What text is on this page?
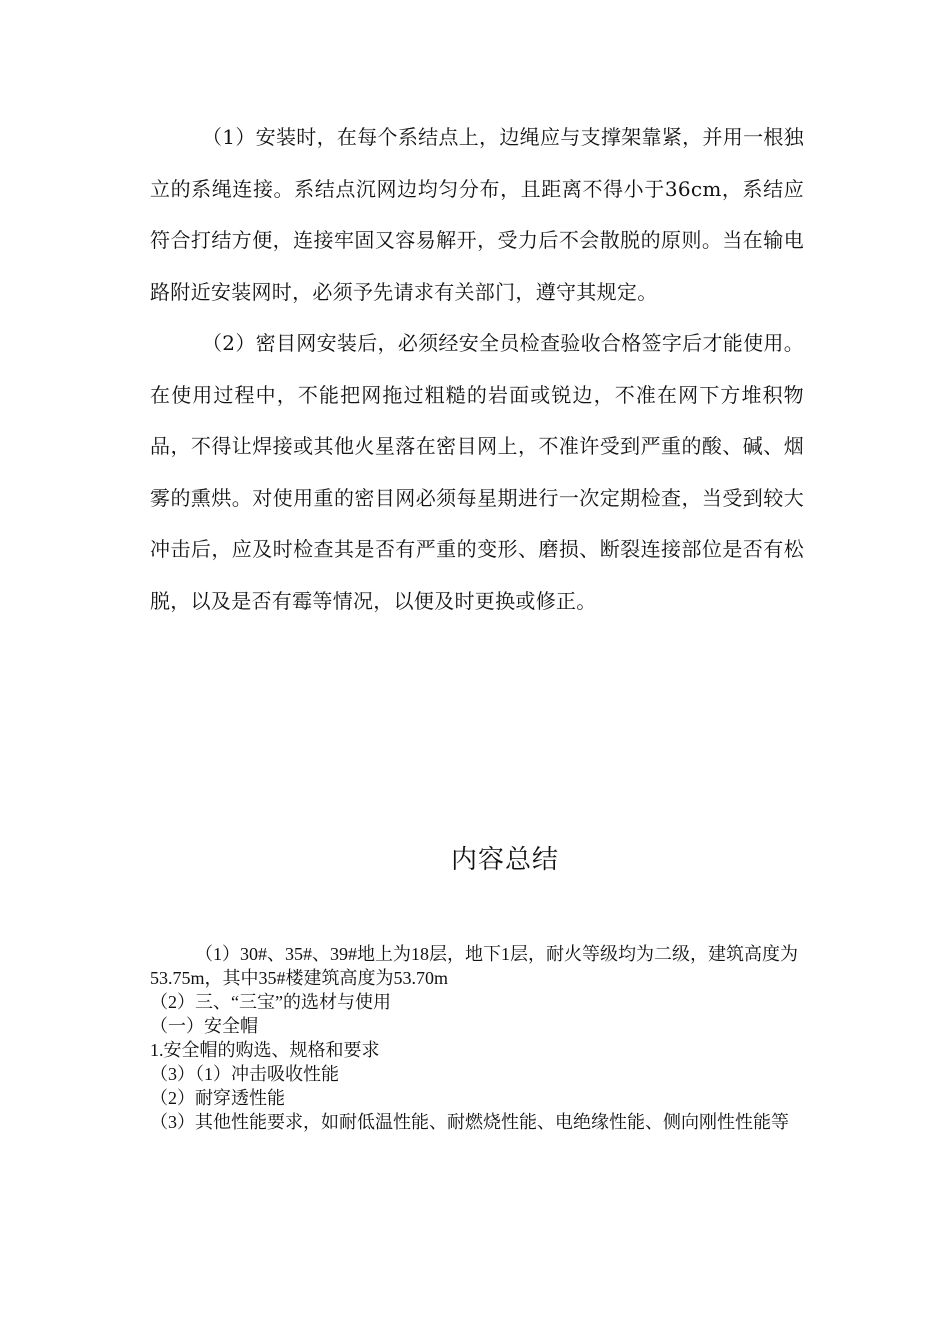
（1）安装时，在每个系结点上，边绳应与支撑架靠紧，并用一根独立的系绳连接。系结点沉网边均匀分布，且距离不得小于36cm，系结应符合打结方便，连接牢固又容易解开，受力后不会散脱的原则。当在输电路附近安装网时，必须予先请求有关部门，遵守其规定。

（2）密目网安装后，必须经安全员检查验收合格签字后才能使用。在使用过程中，不能把网拖过粗糙的岩面或锐边，不准在网下方堆积物品，不得让焊接或其他火星落在密目网上，不准许受到严重的酸、碱、烟雾的熏烘。对使用重的密目网必须每星期进行一次定期检查，当受到较大冲击后，应及时检查其是否有严重的变形、磨损、断裂连接部位是否有松脱，以及是否有霉等情况，以便及时更换或修正。

内容总结

（1）30#、35#、39#地上为18层，地下1层，耐火等级均为二级，建筑高度为53.75m，其中35#楼建筑高度为53.70m

（2）三、“三宝”的选材与使用

（一）安全帽

1.安全帽的购选、规格和要求

（3）（1）冲击吸收性能

（2）耐穿透性能

（3）其他性能要求，如耐低温性能、耐燃烧性能、电绝缘性能、侧向刚性性能等
